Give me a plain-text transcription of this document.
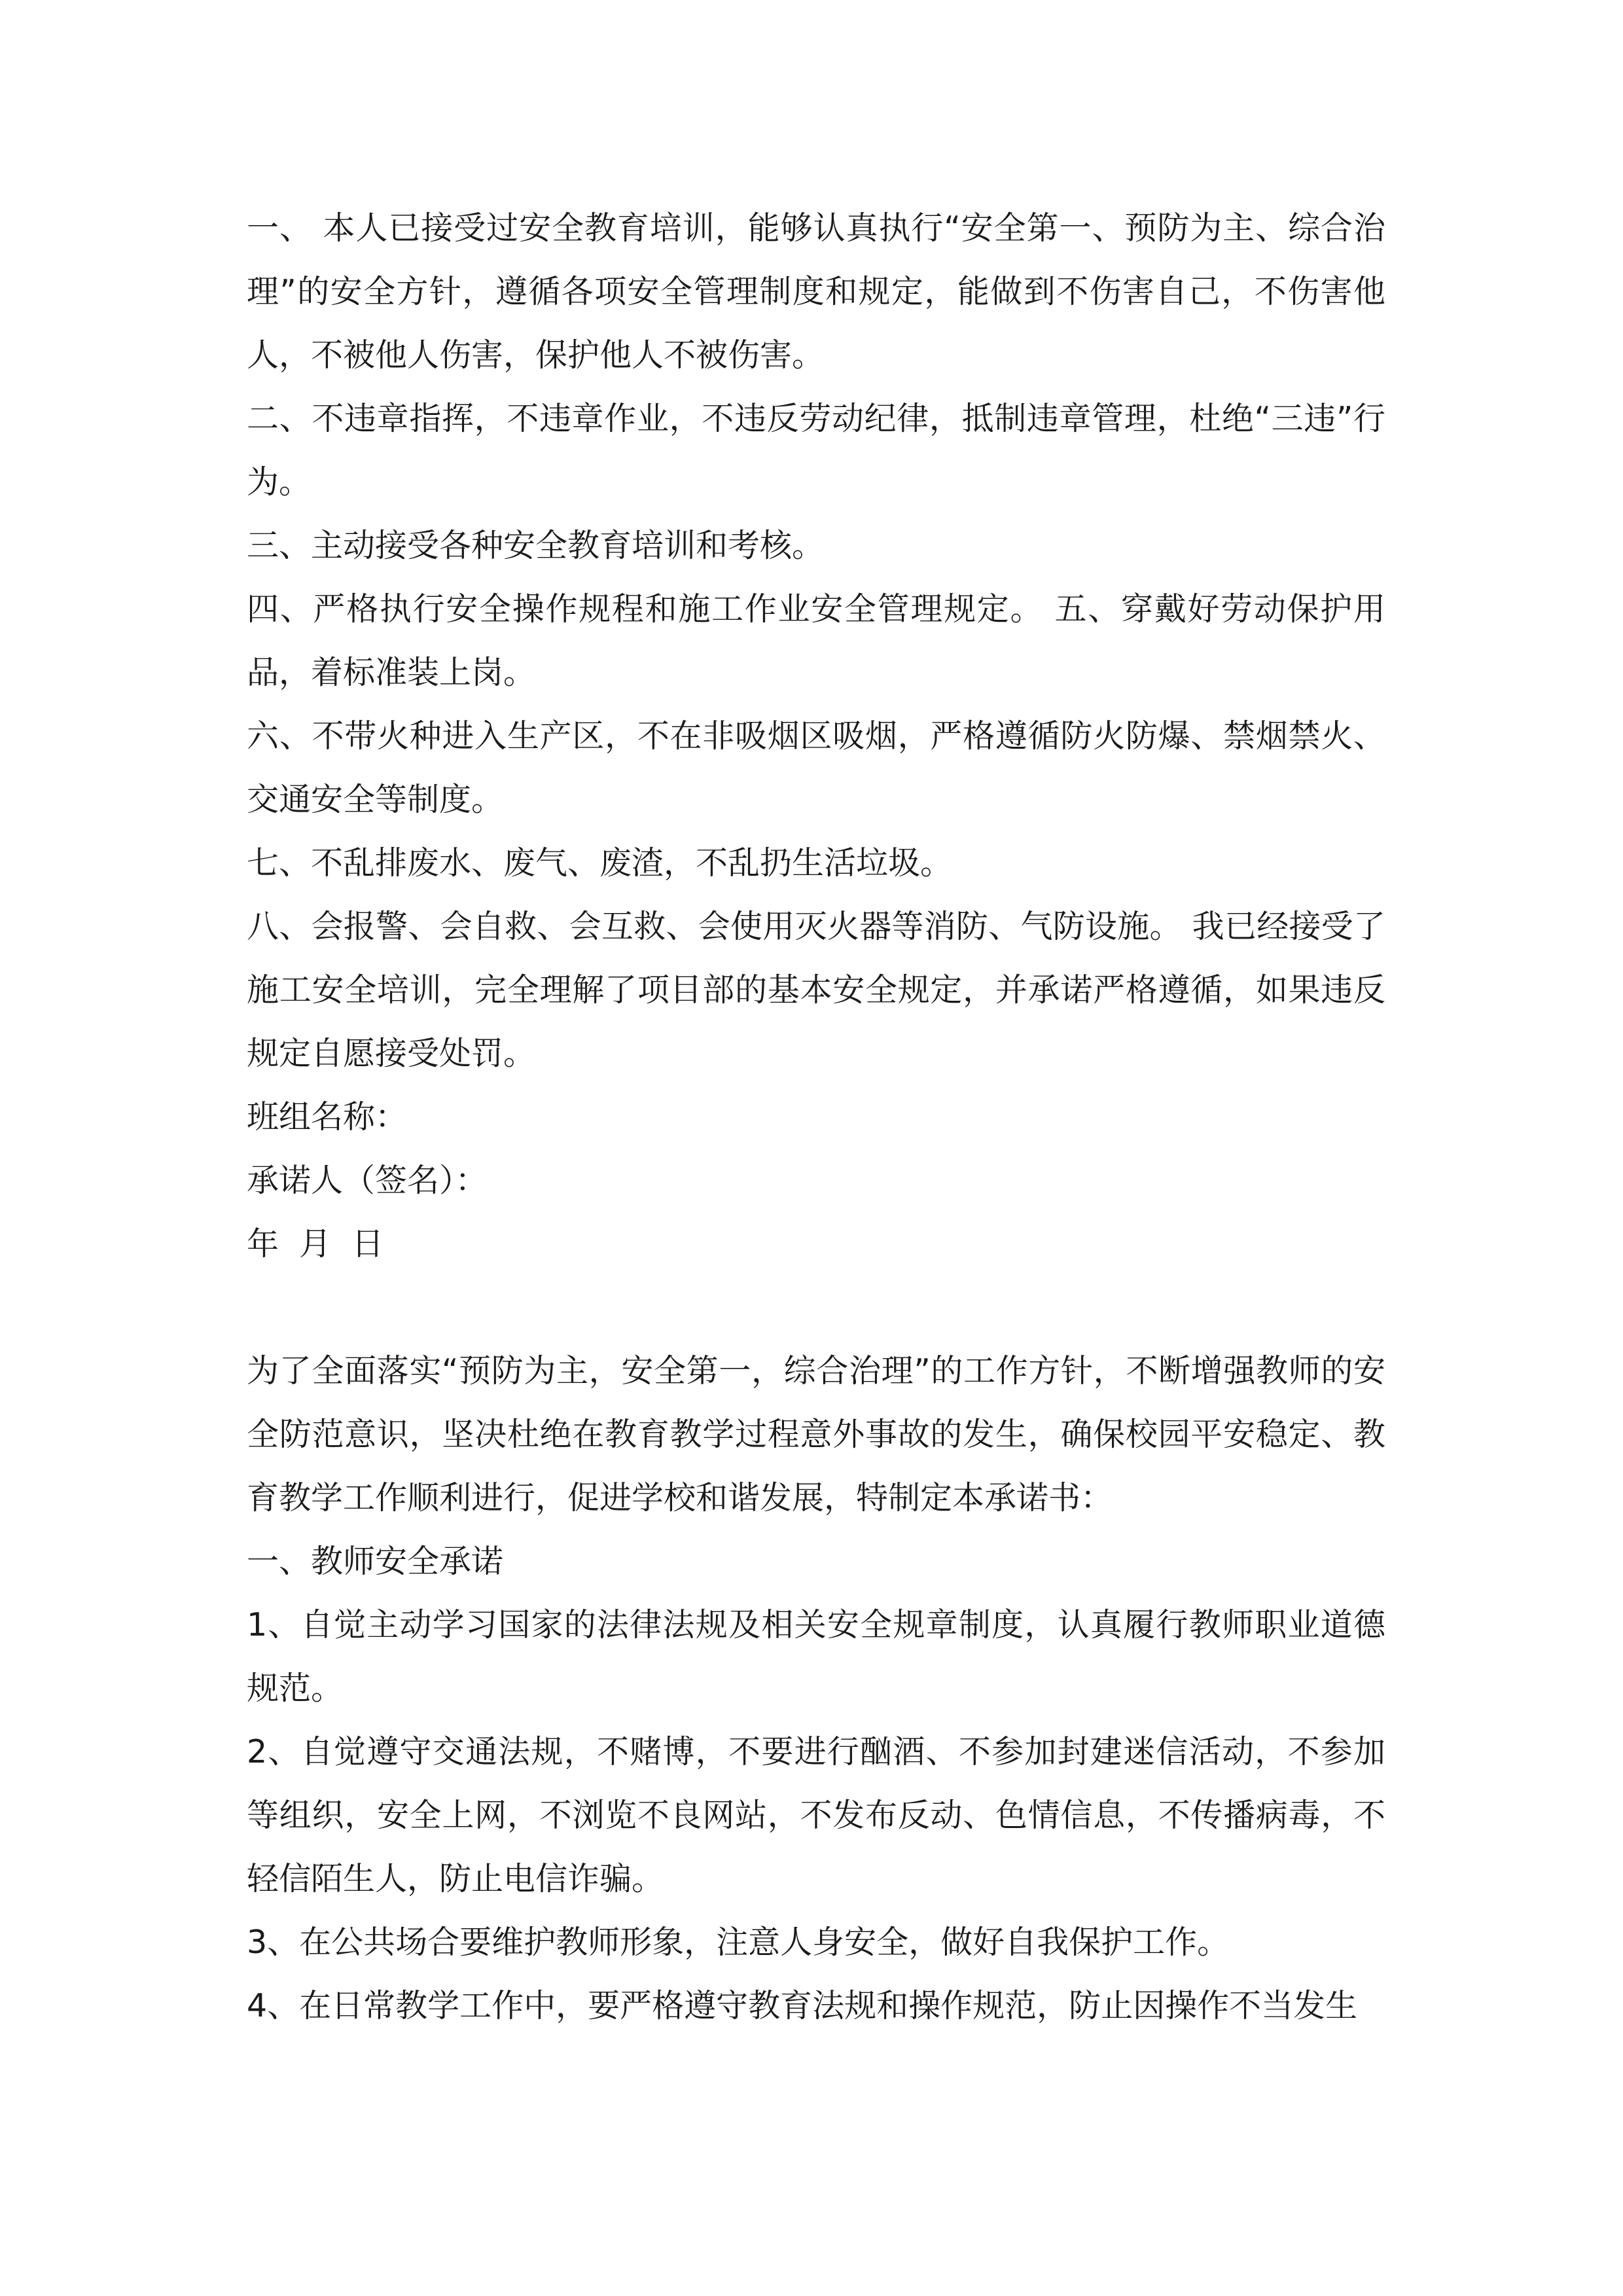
一、 本人已接受过安全教育培训，能够认真执行“安全第一、预防为主、综合治理”的安全方针，遵循各项安全管理制度和规定，能做到不伤害自己，不伤害他人，不被他人伤害，保护他人不被伤害。

二、不违章指挥，不违章作业，不违反劳动纪律，抵制违章管理，杜绝“三违”行为。

三、主动接受各种安全教育培训和考核。

四、严格执行安全操作规程和施工作业安全管理规定。 五、穿戴好劳动保护用品，着标准装上岗。

六、不带火种进入生产区，不在非吸烟区吸烟，严格遵循防火防爆、禁烟禁火、交通安全等制度。

七、不乱排废水、废气、废渣，不乱扔生活垃圾。

八、会报警、会自救、会互救、会使用灭火器等消防、气防设施。 我已经接受了施工安全培训，完全理解了项目部的基本安全规定，并承诺严格遵循，如果违反规定自愿接受处罚。

班组名称：

承诺人（签名）：

年  月  日

为了全面落实“预防为主，安全第一，综合治理”的工作方针，不断增强教师的安全防范意识，坚决杜绝在教育教学过程意外事故的发生，确保校园平安稳定、教育教学工作顺利进行，促进学校和谐发展，特制定本承诺书：

一、教师安全承诺

1、自觉主动学习国家的法律法规及相关安全规章制度，认真履行教师职业道德规范。

2、自觉遵守交通法规，不赌博，不要进行酗酒、不参加封建迷信活动，不参加等组织，安全上网，不浏览不良网站，不发布反动、色情信息，不传播病毒，不轻信陌生人，防止电信诈骗。

3、在公共场合要维护教师形象，注意人身安全，做好自我保护工作。

4、在日常教学工作中，要严格遵守教育法规和操作规范，防止因操作不当发生
